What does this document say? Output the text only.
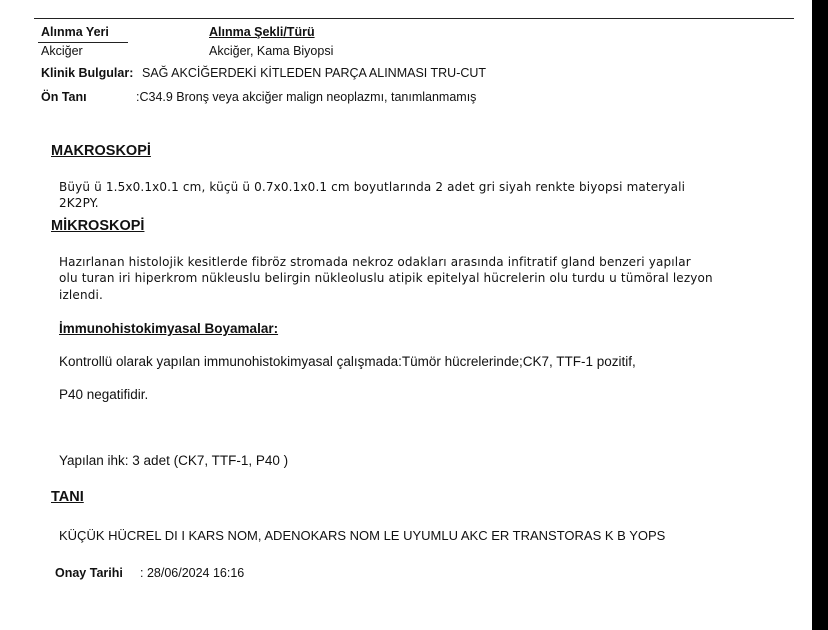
Alınma Yeri
Akciğer
Alınma Şekli/Türü
Akciğer, Kama Biyopsi
Klinik Bulgular: SAĞ AKCİĞERDEKİ KİTLEDEN PARÇA ALINMASI TRU-CUT
Ön Tanı	:C34.9 Bronş veya akciğer malign neoplazmı, tanımlanmamış
MAKROSKOPİ
Büyü ü 1.5x0.1x0.1 cm, küçü ü 0.7x0.1x0.1 cm boyutlarında 2 adet gri siyah renkte biyopsi materyali
2K2PY.
MİKROSKOPİ
Hazırlanan histolojik kesitlerde fibröz stromada nekroz odakları arasında infitratif gland benzeri yapılar
olu turan iri hiperkrom nükleuslu belirgin nükleoluslu atipik epitelyal hücrelerin olu turdu u tümöral lezyon
izlendi.
İmmunohistokimyasal Boyamalar:
Kontrollü olarak yapılan immunohistokimyasal çalışmada:Tümör hücrelerinde;CK7, TTF-1 pozitif,
P40 negatifidir.
Yapılan ihk: 3 adet (CK7, TTF-1, P40 )
TANI
KÜÇÜK HÜCREL DI I KARS NOM, ADENOKARS NOM LE UYUMLU AKC ER TRANSTORAS K B YOPS
Onay Tarihi : 28/06/2024 16:16
